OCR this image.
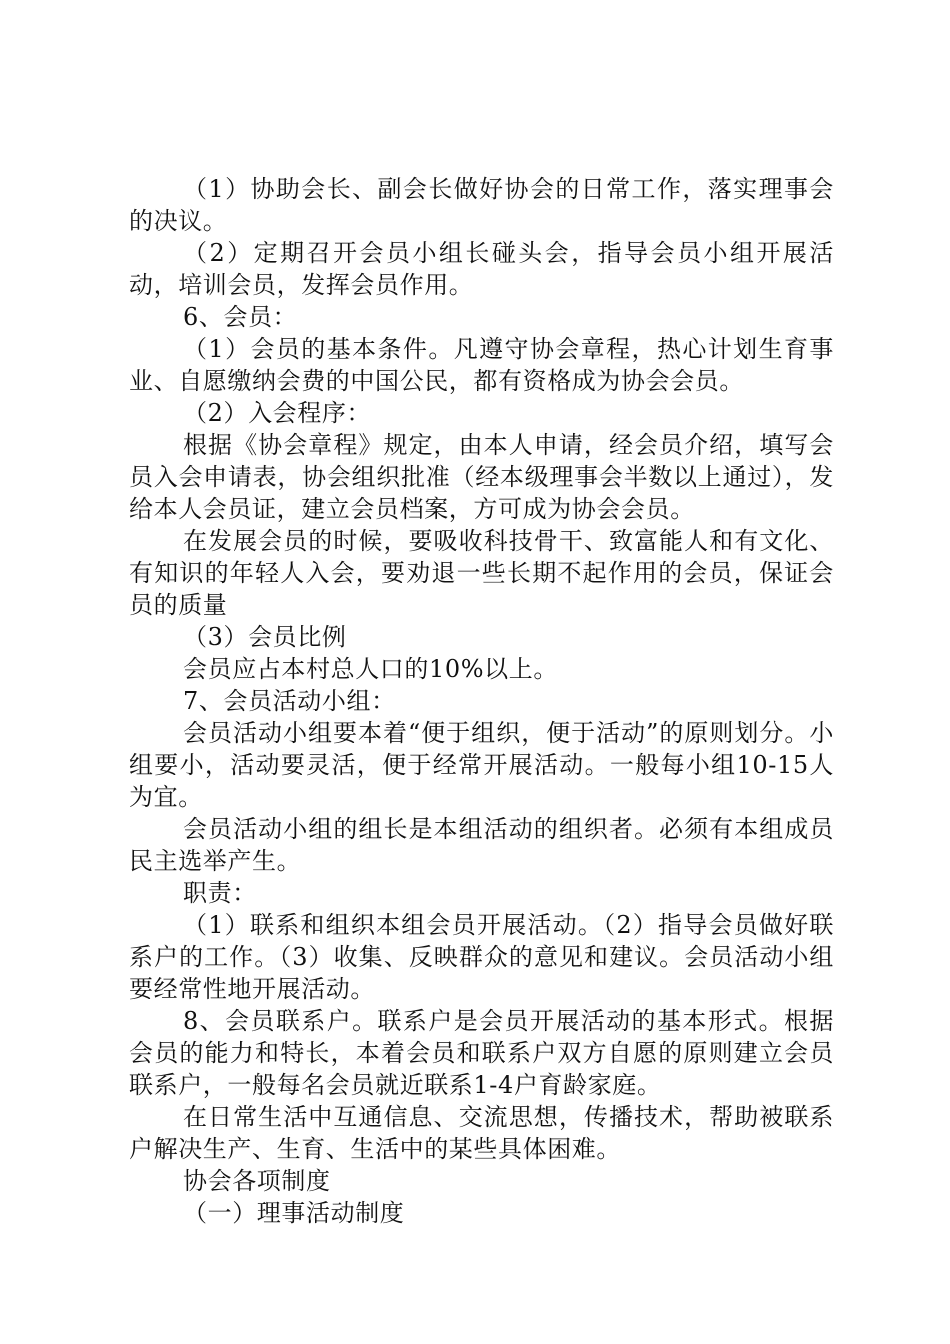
（1）协助会长、副会长做好协会的日常工作，落实理事会的决议。

（2）定期召开会员小组长碰头会，指导会员小组开展活动，培训会员，发挥会员作用。

6、会员：

（1）会员的基本条件。凡遵守协会章程，热心计划生育事业、自愿缴纳会费的中国公民，都有资格成为协会会员。

（2）入会程序：

根据《协会章程》规定，由本人申请，经会员介绍，填写会员入会申请表，协会组织批准（经本级理事会半数以上通过），发给本人会员证，建立会员档案，方可成为协会会员。

在发展会员的时候，要吸收科技骨干、致富能人和有文化、有知识的年轻人入会，要劝退一些长期不起作用的会员，保证会员的质量

（3）会员比例

会员应占本村总人口的10%以上。

7、会员活动小组：

会员活动小组要本着“便于组织，便于活动”的原则划分。小组要小，活动要灵活，便于经常开展活动。一般每小组10-15人为宜。

会员活动小组的组长是本组活动的组织者。必须有本组成员民主选举产生。

职责：

（1）联系和组织本组会员开展活动。（2）指导会员做好联系户的工作。（3）收集、反映群众的意见和建议。会员活动小组要经常性地开展活动。

8、会员联系户。联系户是会员开展活动的基本形式。根据会员的能力和特长，本着会员和联系户双方自愿的原则建立会员联系户，一般每名会员就近联系1-4户育龄家庭。

在日常生活中互通信息、交流思想，传播技术，帮助被联系户解决生产、生育、生活中的某些具体困难。

协会各项制度

（一）理事活动制度
